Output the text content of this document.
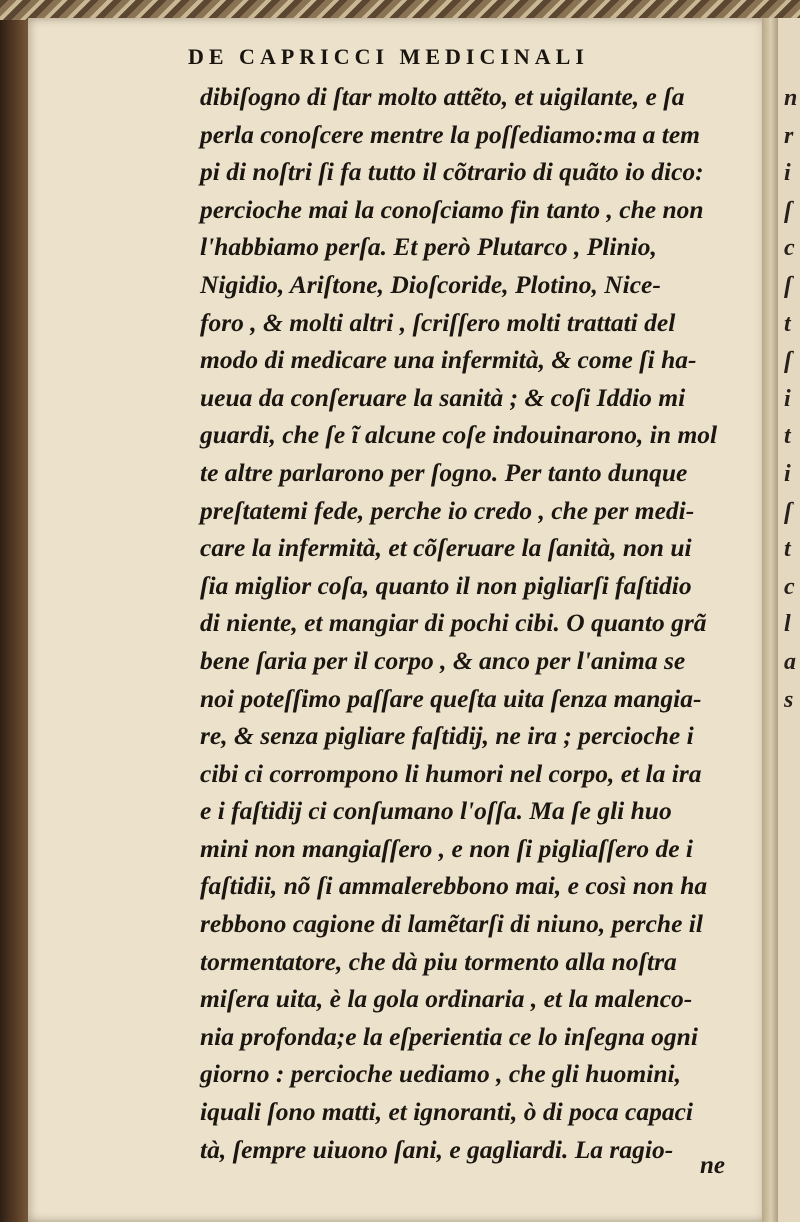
DE CAPRICCI MEDICINALI
dibiſogno di ſtar molto attẽto, et uigilante, e ſa
perla conoſcere mentre la poſſediamo:ma a tem
pi di noſtri ſi fa tutto il cõtrario di quãto io dico:
percioche mai la conoſciamo fin tanto , che non
l'habbiamo perſa. Et però Plutarco , Plinio,
Nigidio, Ariſtone, Dioſcoride, Plotino, Nice-
foro , & molti altri , ſcriſſero molti trattati del
modo di medicare una infermità, & come ſi ha-
ueua da conſeruare la sanità ; & coſi Iddio mi
guardi, che ſe ĩ alcune coſe indouinarono, in mol
te altre parlarono per ſogno. Per tanto dunque
preſtatemi fede, perche io credo , che per medi-
care la infermità, et cõſeruare la ſanità, non ui
ſia miglior coſa, quanto il non pigliarſi faſtidio
di niente, et mangiar di pochi cibi. O quanto grã
bene ſaria per il corpo , & anco per l'anima se
noi poteſſimo paſſare queſta uita ſenza mangia-
re, & senza pigliare faſtidij, ne ira ; percioche i
cibi ci corrompono li humori nel corpo, et la ira
e i faſtidij ci conſumano l'oſſa. Ma ſe gli huo
mini non mangiaſſero , e non ſi pigliaſſero de i
faſtidii, nõ ſi ammalerebbono mai, e così non ha
rebbono cagione di lamẽtarſi di niuno, perche il
tormentatore, che dà piu tormento alla noſtra
miſera uita, è la gola ordinaria , et la malenco-
nia profonda;e la eſperientia ce lo inſegna ogni
giorno : percioche uediamo , che gli huomini,
iquali ſono matti, et ignoranti, ò di poca capaci
tà, ſempre uiuono ſani, e gagliardi. La ragio-
ne
n
r
i
ſ
c
ſ
t
ſ
i
t
i
ſ
t
c
l
a
s
